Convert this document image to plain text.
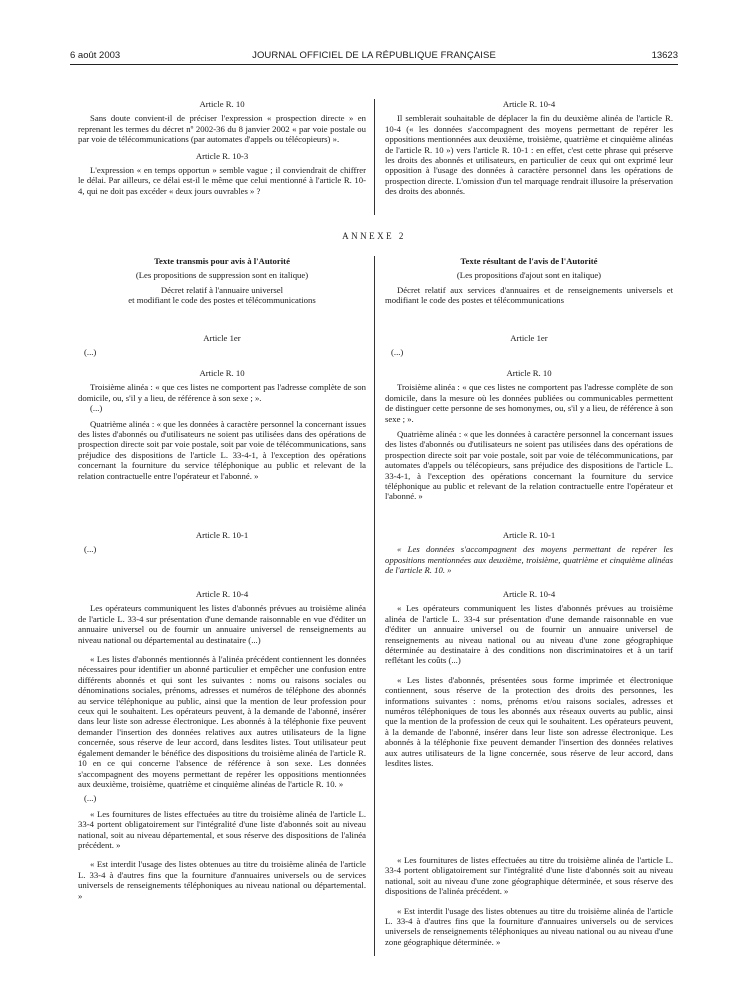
6 août 2003	JOURNAL OFFICIEL DE LA RÉPUBLIQUE FRANÇAISE	13623
Article R. 10

Sans doute convient-il de préciser l'expression « prospection directe » en reprenant les termes du décret nº 2002-36 du 8 janvier 2002 « par voie postale ou par voie de télécommunications (par automates d'appels ou télécopieurs) ».

Article R. 10-3

L'expression « en temps opportun » semble vague ; il conviendrait de chiffrer le délai. Par ailleurs, ce délai est-il le même que celui mentionné à l'article R. 10-4, qui ne doit pas excéder « deux jours ouvrables » ?

Article R. 10-4

Il semblerait souhaitable de déplacer la fin du deuxième alinéa de l'article R. 10-4 (« les données s'accompagnent des moyens permettant de repérer les oppositions mentionnées aux deuxième, troisième, quatrième et cinquième alinéas de l'article R. 10 ») vers l'article R. 10-1 : en effet, c'est cette phrase qui préserve les droits des abonnés et utilisateurs, en particulier de ceux qui ont exprimé leur opposition à l'usage des données à caractère personnel dans les opérations de prospection directe. L'omission d'un tel marquage rendrait illusoire la préservation des droits des abonnés.

ANNEXE 2
Texte transmis pour avis à l'Autorité
(Les propositions de suppression sont en italique)
Décret relatif à l'annuaire universel
et modifiant le code des postes et télécommunications
Article 1er
(...)
Article R. 10

Troisième alinéa : « que ces listes ne comportent pas l'adresse complète de son domicile, ou, s'il y a lieu, de référence à son sexe ; ».

(...)

Quatrième alinéa : « que les données à caractère personnel la concernant issues des listes d'abonnés ou d'utilisateurs ne soient pas utilisées dans des opérations de prospection directe soit par voie postale, soit par voie de télécommunications, sans préjudice des dispositions de l'article L. 33-4-1, à l'exception des opérations concernant la fourniture du service téléphonique au public et relevant de la relation contractuelle entre l'opérateur et l'abonné. »

Article R. 10-1
(...)
Article R. 10-4

Les opérateurs communiquent les listes d'abonnés prévues au troisième alinéa de l'article L. 33-4 sur présentation d'une demande raisonnable en vue d'éditer un annuaire universel ou de fournir un annuaire universel de renseignements au niveau national ou départemental au destinataire (...)

« Les listes d'abonnés mentionnés à l'alinéa précédent contiennent les données nécessaires pour identifier un abonné particulier et empêcher une confusion entre différents abonnés et qui sont les suivantes : noms ou raisons sociales ou dénominations sociales, prénoms, adresses et numéros de téléphone des abonnés au service téléphonique au public, ainsi que la mention de leur profession pour ceux qui le souhaitent. Les opérateurs peuvent, à la demande de l'abonné, insérer dans leur liste son adresse électronique. Les abonnés à la téléphonie fixe peuvent demander l'insertion des données relatives aux autres utilisateurs de la ligne concernée, sous réserve de leur accord, dans lesdites listes. Tout utilisateur peut également demander le bénéfice des dispositions du troisième alinéa de l'article R. 10 en ce qui concerne l'absence de référence à son sexe. Les données s'accompagnent des moyens permettant de repérer les oppositions mentionnées aux deuxième, troisième, quatrième et cinquième alinéas de l'article R. 10. »

(...)

« Les fournitures de listes effectuées au titre du troisième alinéa de l'article L. 33-4 portent obligatoirement sur l'intégralité d'une liste d'abonnés soit au niveau national, soit au niveau départemental, et sous réserve des dispositions de l'alinéa précédent. »

« Est interdit l'usage des listes obtenues au titre du troisième alinéa de l'article L. 33-4 à d'autres fins que la fourniture d'annuaires universels ou de services universels de renseignements téléphoniques au niveau national ou départemental. »

Texte résultant de l'avis de l'Autorité
(Les propositions d'ajout sont en italique)

Décret relatif aux services d'annuaires et de renseignements universels et modifiant le code des postes et télécommunications

Article 1er
(...)
Article R. 10

Troisième alinéa : « que ces listes ne comportent pas l'adresse complète de son domicile, dans la mesure où les données publiées ou communicables permettent de distinguer cette personne de ses homonymes, ou, s'il y a lieu, de référence à son sexe ; ».

Quatrième alinéa : « que les données à caractère personnel la concernant issues des listes d'abonnés ou d'utilisateurs ne soient pas utilisées dans des opérations de prospection directe soit par voie postale, soit par voie de télécommunications, par automates d'appels ou télécopieurs, sans préjudice des dispositions de l'article L. 33-4-1, à l'exception des opérations concernant la fourniture du service téléphonique au public et relevant de la relation contractuelle entre l'opérateur et l'abonné. »

Article R. 10-1

« Les données s'accompagnent des moyens permettant de repérer les oppositions mentionnées aux deuxième, troisième, quatrième et cinquième alinéas de l'article R. 10. »

Article R. 10-4

« Les opérateurs communiquent les listes d'abonnés prévues au troisième alinéa de l'article L. 33-4 sur présentation d'une demande raisonnable en vue d'éditer un annuaire universel ou de fournir un annuaire universel de renseignements au niveau national ou au niveau d'une zone géographique déterminée au destinataire à des conditions non discriminatoires et à un tarif reflétant les coûts (...)

« Les listes d'abonnés, présentées sous forme imprimée et électronique contiennent, sous réserve de la protection des droits des personnes, les informations suivantes : noms, prénoms et/ou raisons sociales, adresses et numéros téléphoniques de tous les abonnés aux réseaux ouverts au public, ainsi que la mention de la profession de ceux qui le souhaitent. Les opérateurs peuvent, à la demande de l'abonné, insérer dans leur liste son adresse électronique. Les abonnés à la téléphonie fixe peuvent demander l'insertion des données relatives aux autres utilisateurs de la ligne concernée, sous réserve de leur accord, dans lesdites listes.

« Les fournitures de listes effectuées au titre du troisième alinéa de l'article L. 33-4 portent obligatoirement sur l'intégralité d'une liste d'abonnés soit au niveau national, soit au niveau d'une zone géographique déterminée, et sous réserve des dispositions de l'alinéa précédent. »

« Est interdit l'usage des listes obtenues au titre du troisième alinéa de l'article L. 33-4 à d'autres fins que la fourniture d'annuaires universels ou de services universels de renseignements téléphoniques au niveau national ou au niveau d'une zone géographique déterminée. »
